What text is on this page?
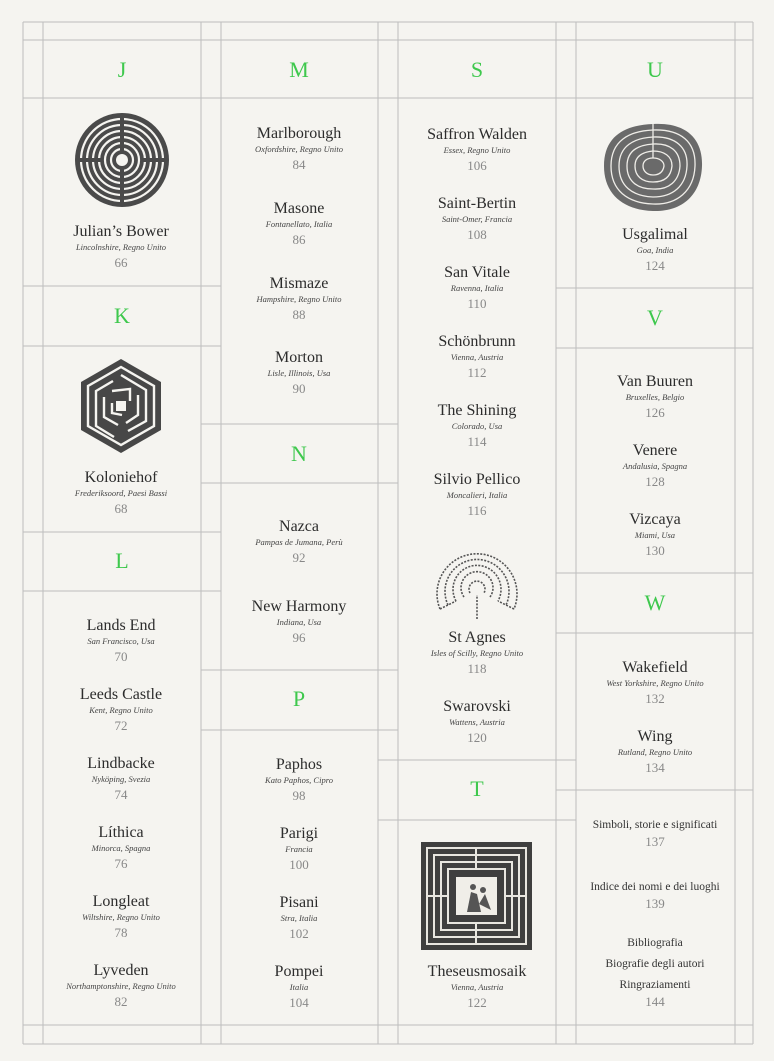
J
K
L
M
N
P
S
T
U
V
W
Julian’s Bower
Lincolnshire, Regno Unito
66
Koloniehof
Frederiksoord, Paesi Bassi
68
Lands End
San Francisco, Usa
70
Leeds Castle
Kent, Regno Unito
72
Lindbacke
Nyköping, Svezia
74
Líthica
Minorca, Spagna
76
Longleat
Wiltshire, Regno Unito
78
Lyveden
Northamptonshire, Regno Unito
82
Marlborough
Oxfordshire, Regno Unito
84
Masone
Fontanellato, Italia
86
Mismaze
Hampshire, Regno Unito
88
Morton
Lisle, Illinois, Usa
90
Nazca
Pampas de Jumana, Perù
92
New Harmony
Indiana, Usa
96
Paphos
Kato Paphos, Cipro
98
Parigi
Francia
100
Pisani
Stra, Italia
102
Pompei
Italia
104
Saffron Walden
Essex, Regno Unito
106
Saint-Bertin
Saint-Omer, Francia
108
San Vitale
Ravenna, Italia
110
Schönbrunn
Vienna, Austria
112
The Shining
Colorado, Usa
114
Silvio Pellico
Moncalieri, Italia
116
St Agnes
Isles of Scilly, Regno Unito
118
Swarovski
Wattens, Austria
120
Theseusmosaik
Vienna, Austria
122
Usgalimal
Goa, India
124
Van Buuren
Bruxelles, Belgio
126
Venere
Andalusia, Spagna
128
Vizcaya
Miami, Usa
130
Wakefield
West Yorkshire, Regno Unito
132
Wing
Rutland, Regno Unito
134
Simboli, storie e significati
137
Indice dei nomi e dei luoghi
139
Bibliografia
Biografie degli autori
Ringraziamenti
144
